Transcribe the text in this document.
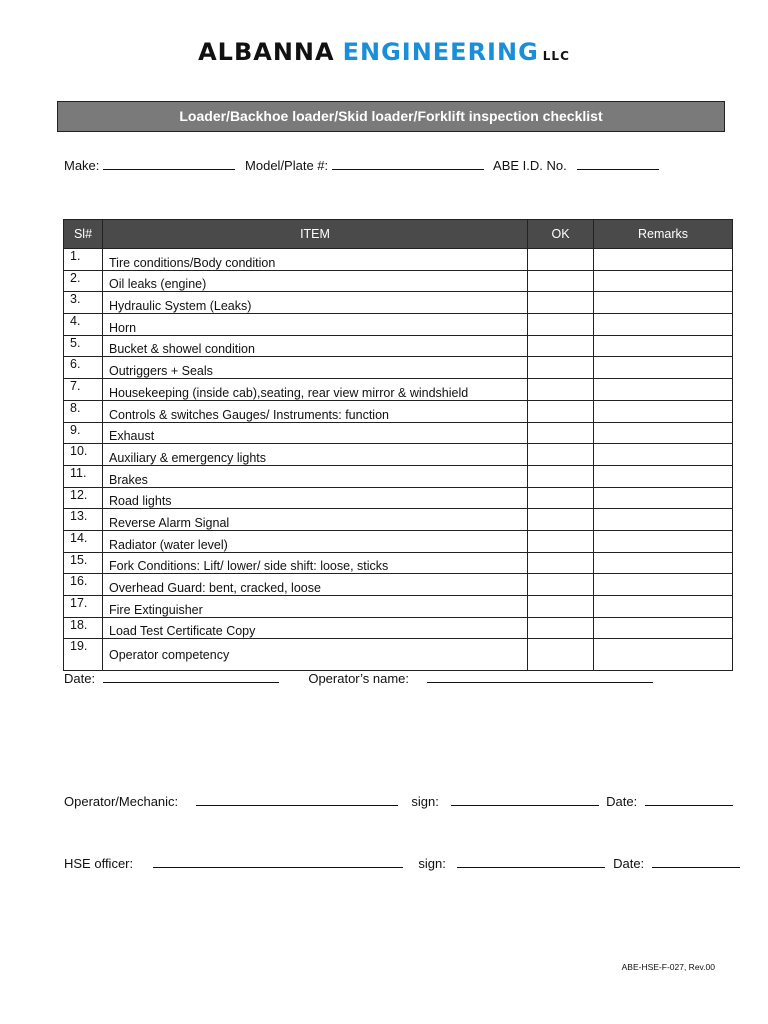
ALBANNA ENGINEERING LLC
Loader/Backhoe loader/Skid loader/Forklift inspection checklist
Make:	Model/Plate #:	ABE I.D. No.
Sl#	ITEM	OK	Remarks
1.	Tire conditions/Body condition		
2.	Oil leaks (engine)		
3.	Hydraulic System (Leaks)		
4.	Horn		
5.	Bucket & showel condition		
6.	Outriggers + Seals		
7.	Housekeeping (inside cab),seating, rear view mirror & windshield		
8.	Controls & switches Gauges/ Instruments: function		
9.	Exhaust		
10.	Auxiliary & emergency lights		
11.	Brakes		
12.	Road lights		
13.	Reverse Alarm Signal		
14.	Radiator (water level)		
15.	Fork Conditions: Lift/ lower/ side shift: loose, sticks		
16.	Overhead Guard: bent, cracked, loose		
17.	Fire Extinguisher		
18.	Load Test Certificate Copy		
19.	Operator competency		
Date:	Operator’s name:
Operator/Mechanic:	sign:	Date:
HSE officer:	sign:	Date:
ABE-HSE-F-027, Rev.00
